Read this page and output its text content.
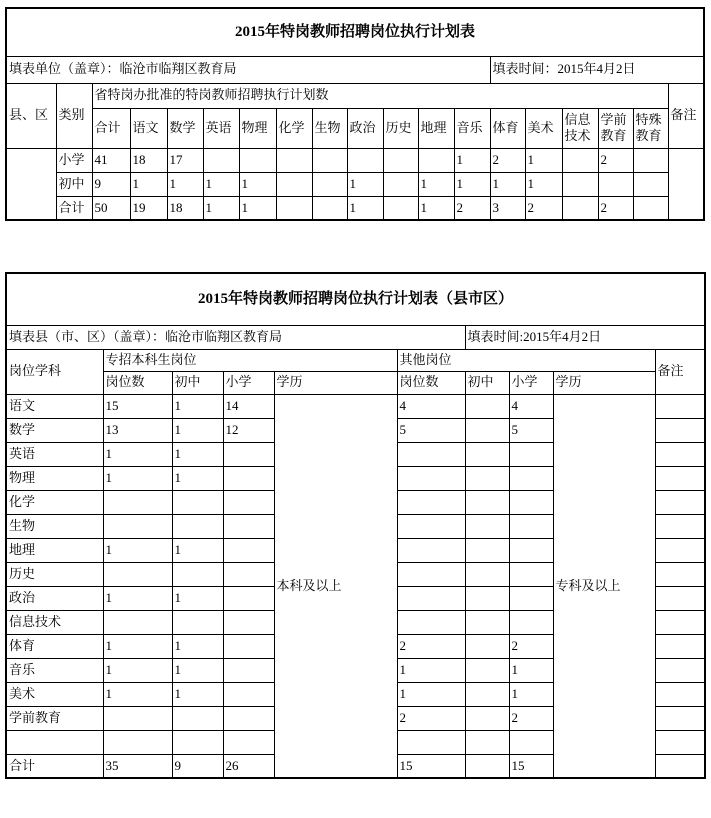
2015年特岗教师招聘岗位执行计划表																		
填表单位（盖章）：临沧市临翔区教育局													填表时间：2015年4月2日					
县、区	类别	省特岗办批准的特岗教师招聘执行计划数																备注
		合计	语文	数学	英语	物理	化学	生物	政治	历史	地理	音乐	体育	美术	信息技术	学前教育	特殊教育	
	小学	41	18	17								1	2	1		2		
	初中	9	1	1	1	1			1		1	1	1	1				
	合计	50	19	18	1	1			1		1	2	3	2		2		
2015年特岗教师招聘岗位执行计划表（县市区）									
填表县（市、区）（盖章）：临沧市临翔区教育局						填表时间:2015年4月2日			
岗位学科	专招本科生岗位				其他岗位				备注
	岗位数	初中	小学	学历	岗位数	初中	小学	学历	
语文	15	1	14	本科及以上	4		4	专科及以上	
数学	13	1	12		5		5		
英语	1	1							
物理	1	1							
化学									
生物									
地理	1	1							
历史									
政治	1	1							
信息技术									
体育	1	1			2		2		
音乐	1	1			1		1		
美术	1	1			1		1		
学前教育					2		2		

合计	35	9	26		15		15		
